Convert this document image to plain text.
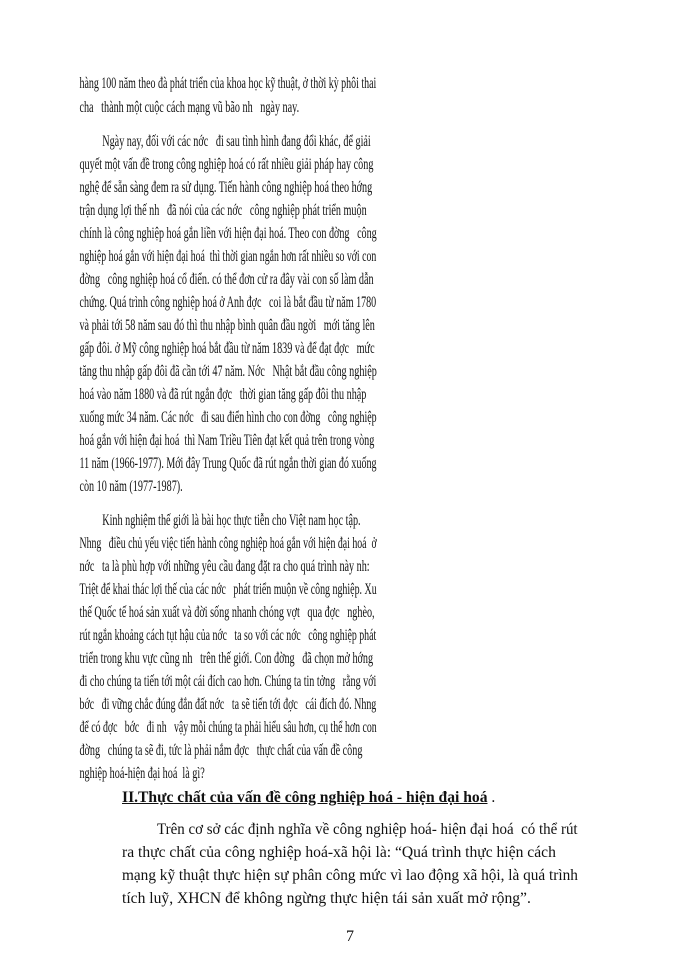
hàng 100 năm theo đà phát triển của khoa học kỹ thuật, ở thời kỳ phôi thai
cha   thành một cuộc cách mạng vũ bão nh   ngày nay.
Ngày nay, đối với các nớc   đi sau tình hình đang đổi khác, để giải
quyết một vấn đề trong công nghiệp hoá có rất nhiều giải pháp hay công
nghệ để sẵn sàng đem ra sử dụng. Tiến hành công nghiệp hoá theo hớng
trận dụng lợi thế nh   đã nói của các nớc   công nghiệp phát triển muộn
chính là công nghiệp hoá gắn liền với hiện đại hoá. Theo con đờng   công
nghiệp hoá gắn với hiện đại hoá  thì thời gian ngắn hơn rất nhiều so với con
đờng   công nghiệp hoá cổ điển. có thể đơn cử ra đây vài con số làm dẫn
chứng. Quá trình công nghiệp hoá ở Anh đợc   coi là bắt đầu từ năm 1780
và phải tới 58 năm sau đó thì thu nhập bình quân đầu ngời   mới tăng lên
gấp đôi. ở Mỹ công nghiệp hoá bắt đầu từ năm 1839 và để đạt đợc   mức
tăng thu nhập gấp đôi đã cần tới 47 năm. Nớc   Nhật bắt đầu công nghiệp
hoá vào năm 1880 và đã rút ngắn đợc   thời gian tăng gấp đôi thu nhập
xuống mức 34 năm. Các nớc   đi sau điển hình cho con đờng   công nghiệp
hoá gắn với hiện đại hoá  thì Nam Triều Tiên đạt kết quả trên trong vòng
11 năm (1966-1977). Mới đây Trung Quốc đã rút ngắn thời gian đó xuống
còn 10 năm (1977-1987).
Kinh nghiệm thế giới là bài học thực tiễn cho Việt nam học tập.
Nhng   điều chủ yếu việc tiến hành công nghiệp hoá gắn với hiện đại hoá  ở
nớc   ta là phù hợp với những yêu cầu đang đặt ra cho quá trình này nh:
Triệt để khai thác lợi thế của các nớc   phát triển muộn về công nghiệp. Xu
thế Quốc tế hoá sản xuất và đời sống nhanh chóng vợt   qua đợc   nghèo,
rút ngắn khoảng cách tụt hậu của nớc   ta so với các nớc   công nghiệp phát
triển trong khu vực cũng nh   trên thế giới. Con đờng   đã chọn mở hớng
đi cho chúng ta tiến tới một cái đích cao hơn. Chúng ta tin tởng   rằng với
bớc   đi vững chắc đúng đắn đất nớc   ta sẽ tiến tới đợc   cái đích đó. Nhng
để có đợc   bớc   đi nh   vậy mỗi chúng ta phải hiểu sâu hơn, cụ thể hơn con
đờng   chúng ta sẽ đi, tức là phải nắm đợc   thực chất của vấn đề công
nghiệp hoá-hiện đại hoá  là gì?
II.Thực chất của vấn đề công nghiệp hoá - hiện đại hoá .
Trên cơ sở các định nghĩa về công nghiệp hoá- hiện đại hoá  có thể rút
ra thực chất của công nghiệp hoá-xã hội là: “Quá trình thực hiện cách
mạng kỹ thuật thực hiện sự phân công mức vì lao động xã hội, là quá trình
tích luỹ, XHCN để không ngừng thực hiện tái sản xuất mở rộng”.
7
